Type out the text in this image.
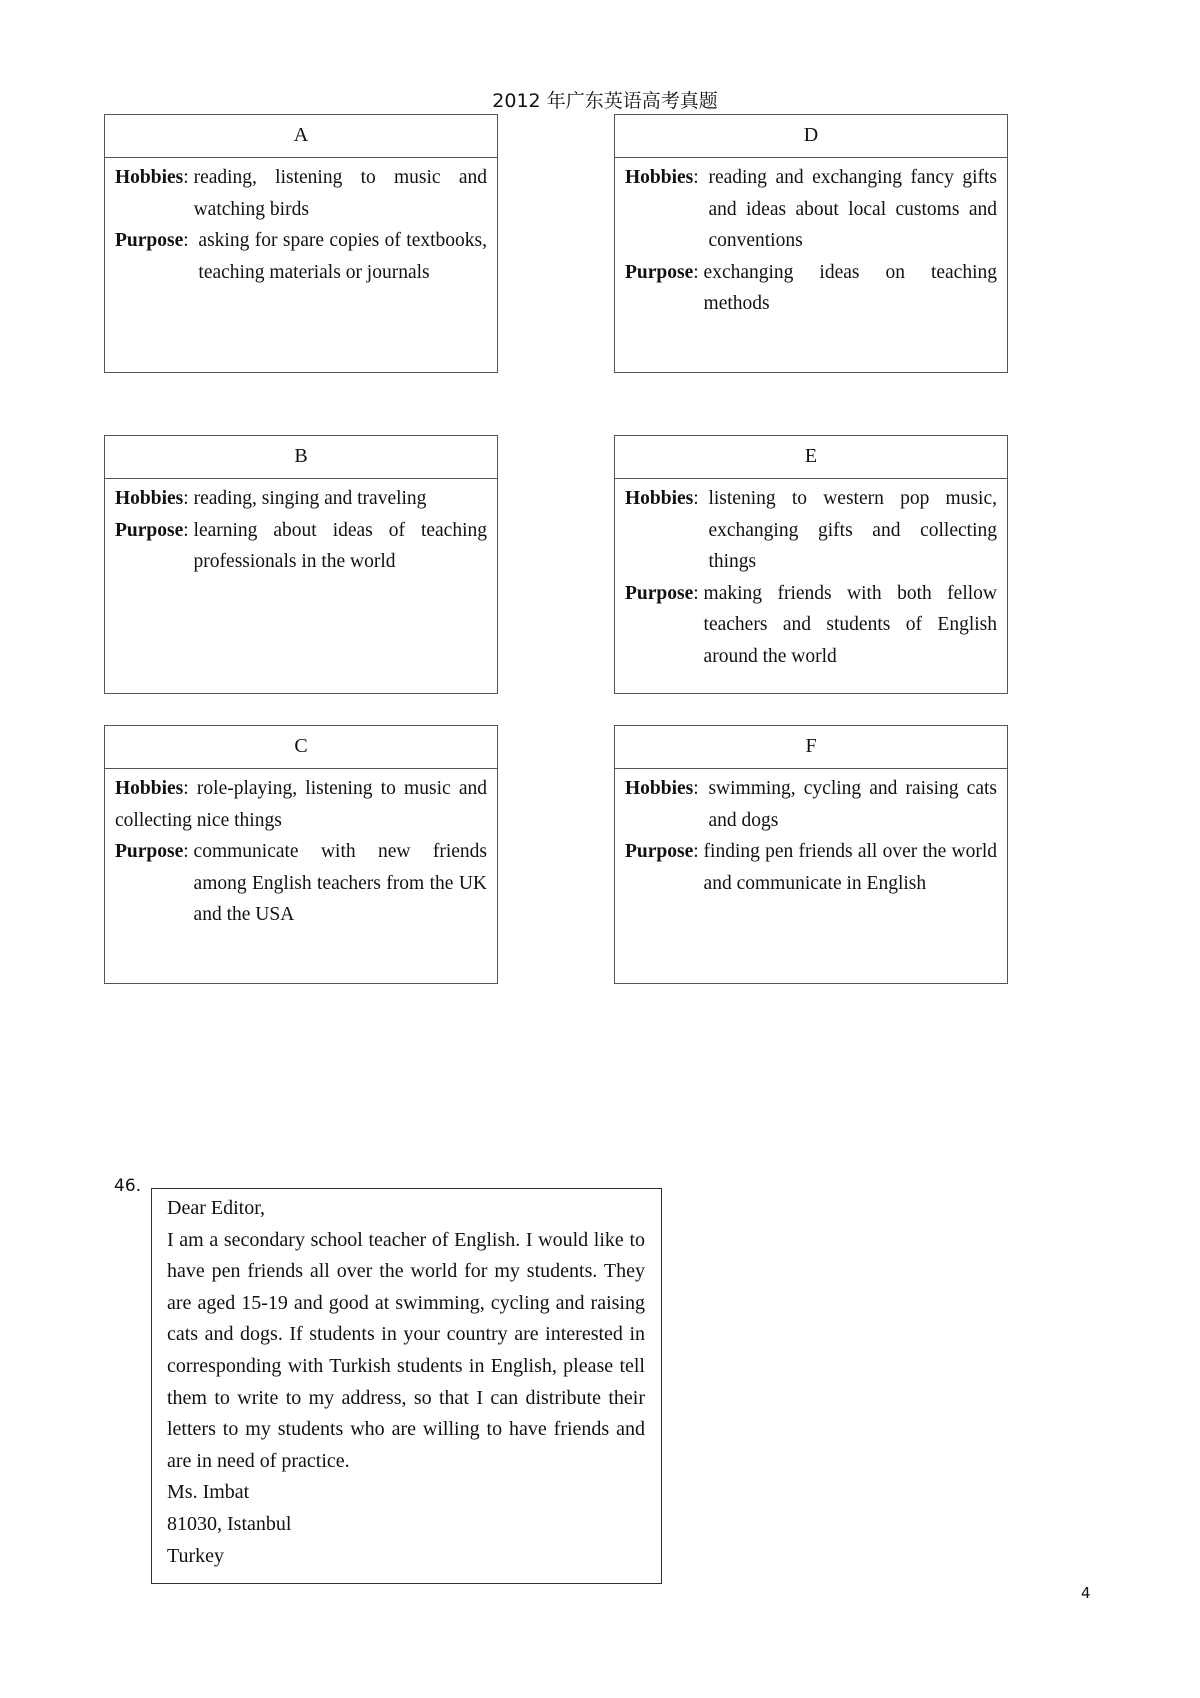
2012 年广东英语高考真题
A
Hobbies: reading, listening to music and watching birds
Purpose: asking for spare copies of textbooks, teaching materials or journals
D
Hobbies: reading and exchanging fancy gifts and ideas about local customs and conventions
Purpose: exchanging ideas on teaching methods
B
Hobbies: reading, singing and traveling
Purpose: learning about ideas of teaching professionals in the world
E
Hobbies: listening to western pop music, exchanging gifts and collecting things
Purpose: making friends with both fellow teachers and students of English around the world
C
Hobbies: role-playing, listening to music and collecting nice things
Purpose: communicate with new friends among English teachers from the UK and the USA
F
Hobbies: swimming, cycling and raising cats and dogs
Purpose: finding pen friends all over the world and communicate in English
46.

Dear Editor,

I am a secondary school teacher of English. I would like to have pen friends all over the world for my students. They are aged 15-19 and good at swimming, cycling and raising cats and dogs. If students in your country are interested in corresponding with Turkish students in English, please tell them to write to my address, so that I can distribute their letters to my students who are willing to have friends and are in need of practice.

Ms. Imbat

81030, Istanbul

Turkey

4
